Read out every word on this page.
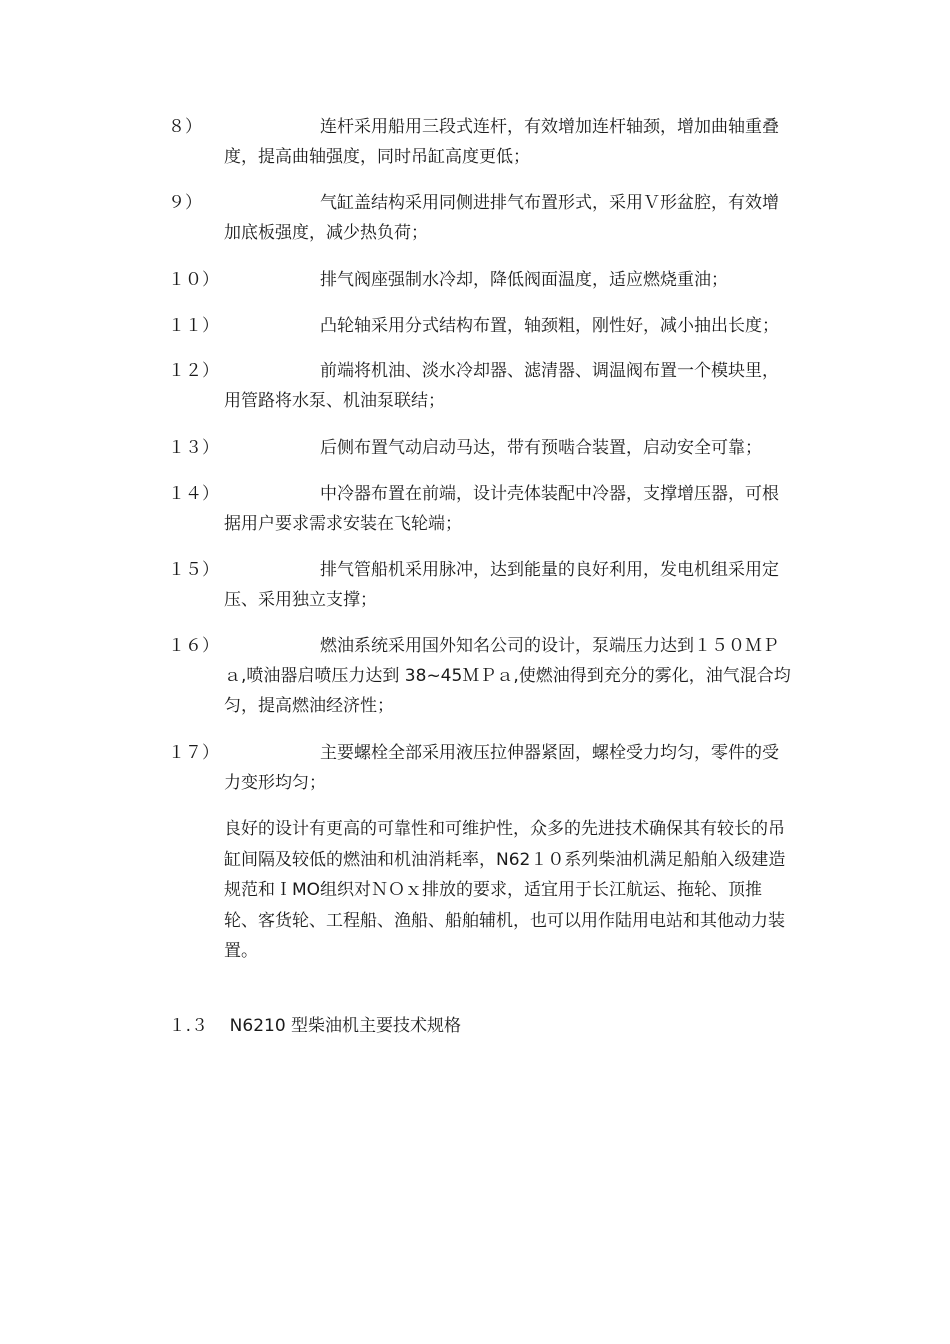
８）	连杆采用船用三段式连杆，有效增加连杆轴颈，增加曲轴重叠
度，提高曲轴强度，同时吊缸高度更低；
９）	气缸盖结构采用同侧进排气布置形式，采用Ｖ形盆腔，有效增
加底板强度，减少热负荷；
１０）	排气阀座强制水冷却，降低阀面温度，适应燃烧重油；
１１）	凸轮轴采用分式结构布置，轴颈粗，刚性好，减小抽出长度；
１２）	前端将机油、淡水冷却器、滤清器、调温阀布置一个模块里，
用管路将水泵、机油泵联结；
１３）	后侧布置气动启动马达，带有预啮合装置，启动安全可靠；
１４）	中冷器布置在前端，设计壳体装配中冷器，支撑增压器，可根
据用户要求需求安装在飞轮端；
１５）	排气管船机采用脉冲，达到能量的良好利用，发电机组采用定
压、采用独立支撑；
１６）	燃油系统采用国外知名公司的设计，泵端压力达到１５０ＭＰ
ａ,喷油器启喷压力达到 38~45ＭＰａ,使燃油得到充分的雾化，油气混合均
匀，提高燃油经济性；
１７）	主要螺栓全部采用液压拉伸器紧固，螺栓受力均匀，零件的受
力变形均匀；
良好的设计有更高的可靠性和可维护性，众多的先进技术确保其有较长的吊
缸间隔及较低的燃油和机油消耗率，N62１０系列柴油机满足船舶入级建造
规范和ＩMO组织对ＮＯｘ排放的要求，适宜用于长江航运、拖轮、顶推
轮、客货轮、工程船、渔船、船舶辅机，也可以用作陆用电站和其他动力装
置。

１.３ N6210 型柴油机主要技术规格
